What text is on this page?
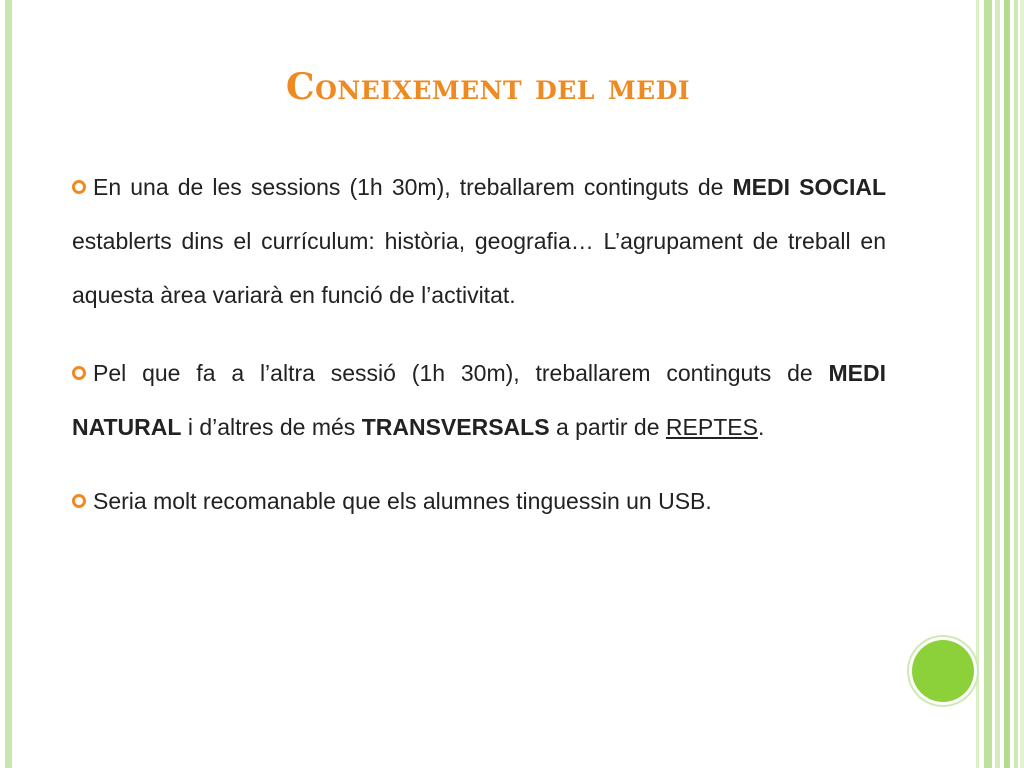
Coneixement del medi

En una de les sessions (1h 30m), treballarem continguts de MEDI SOCIAL establerts dins el currículum: història, geografia… L’agrupament de treball en aquesta àrea variarà en funció de l’activitat.

Pel que fa a l’altra sessió (1h 30m), treballarem continguts de MEDI NATURAL i d’altres de més TRANSVERSALS a partir de REPTES.

Seria molt recomanable que els alumnes tinguessin un USB.
